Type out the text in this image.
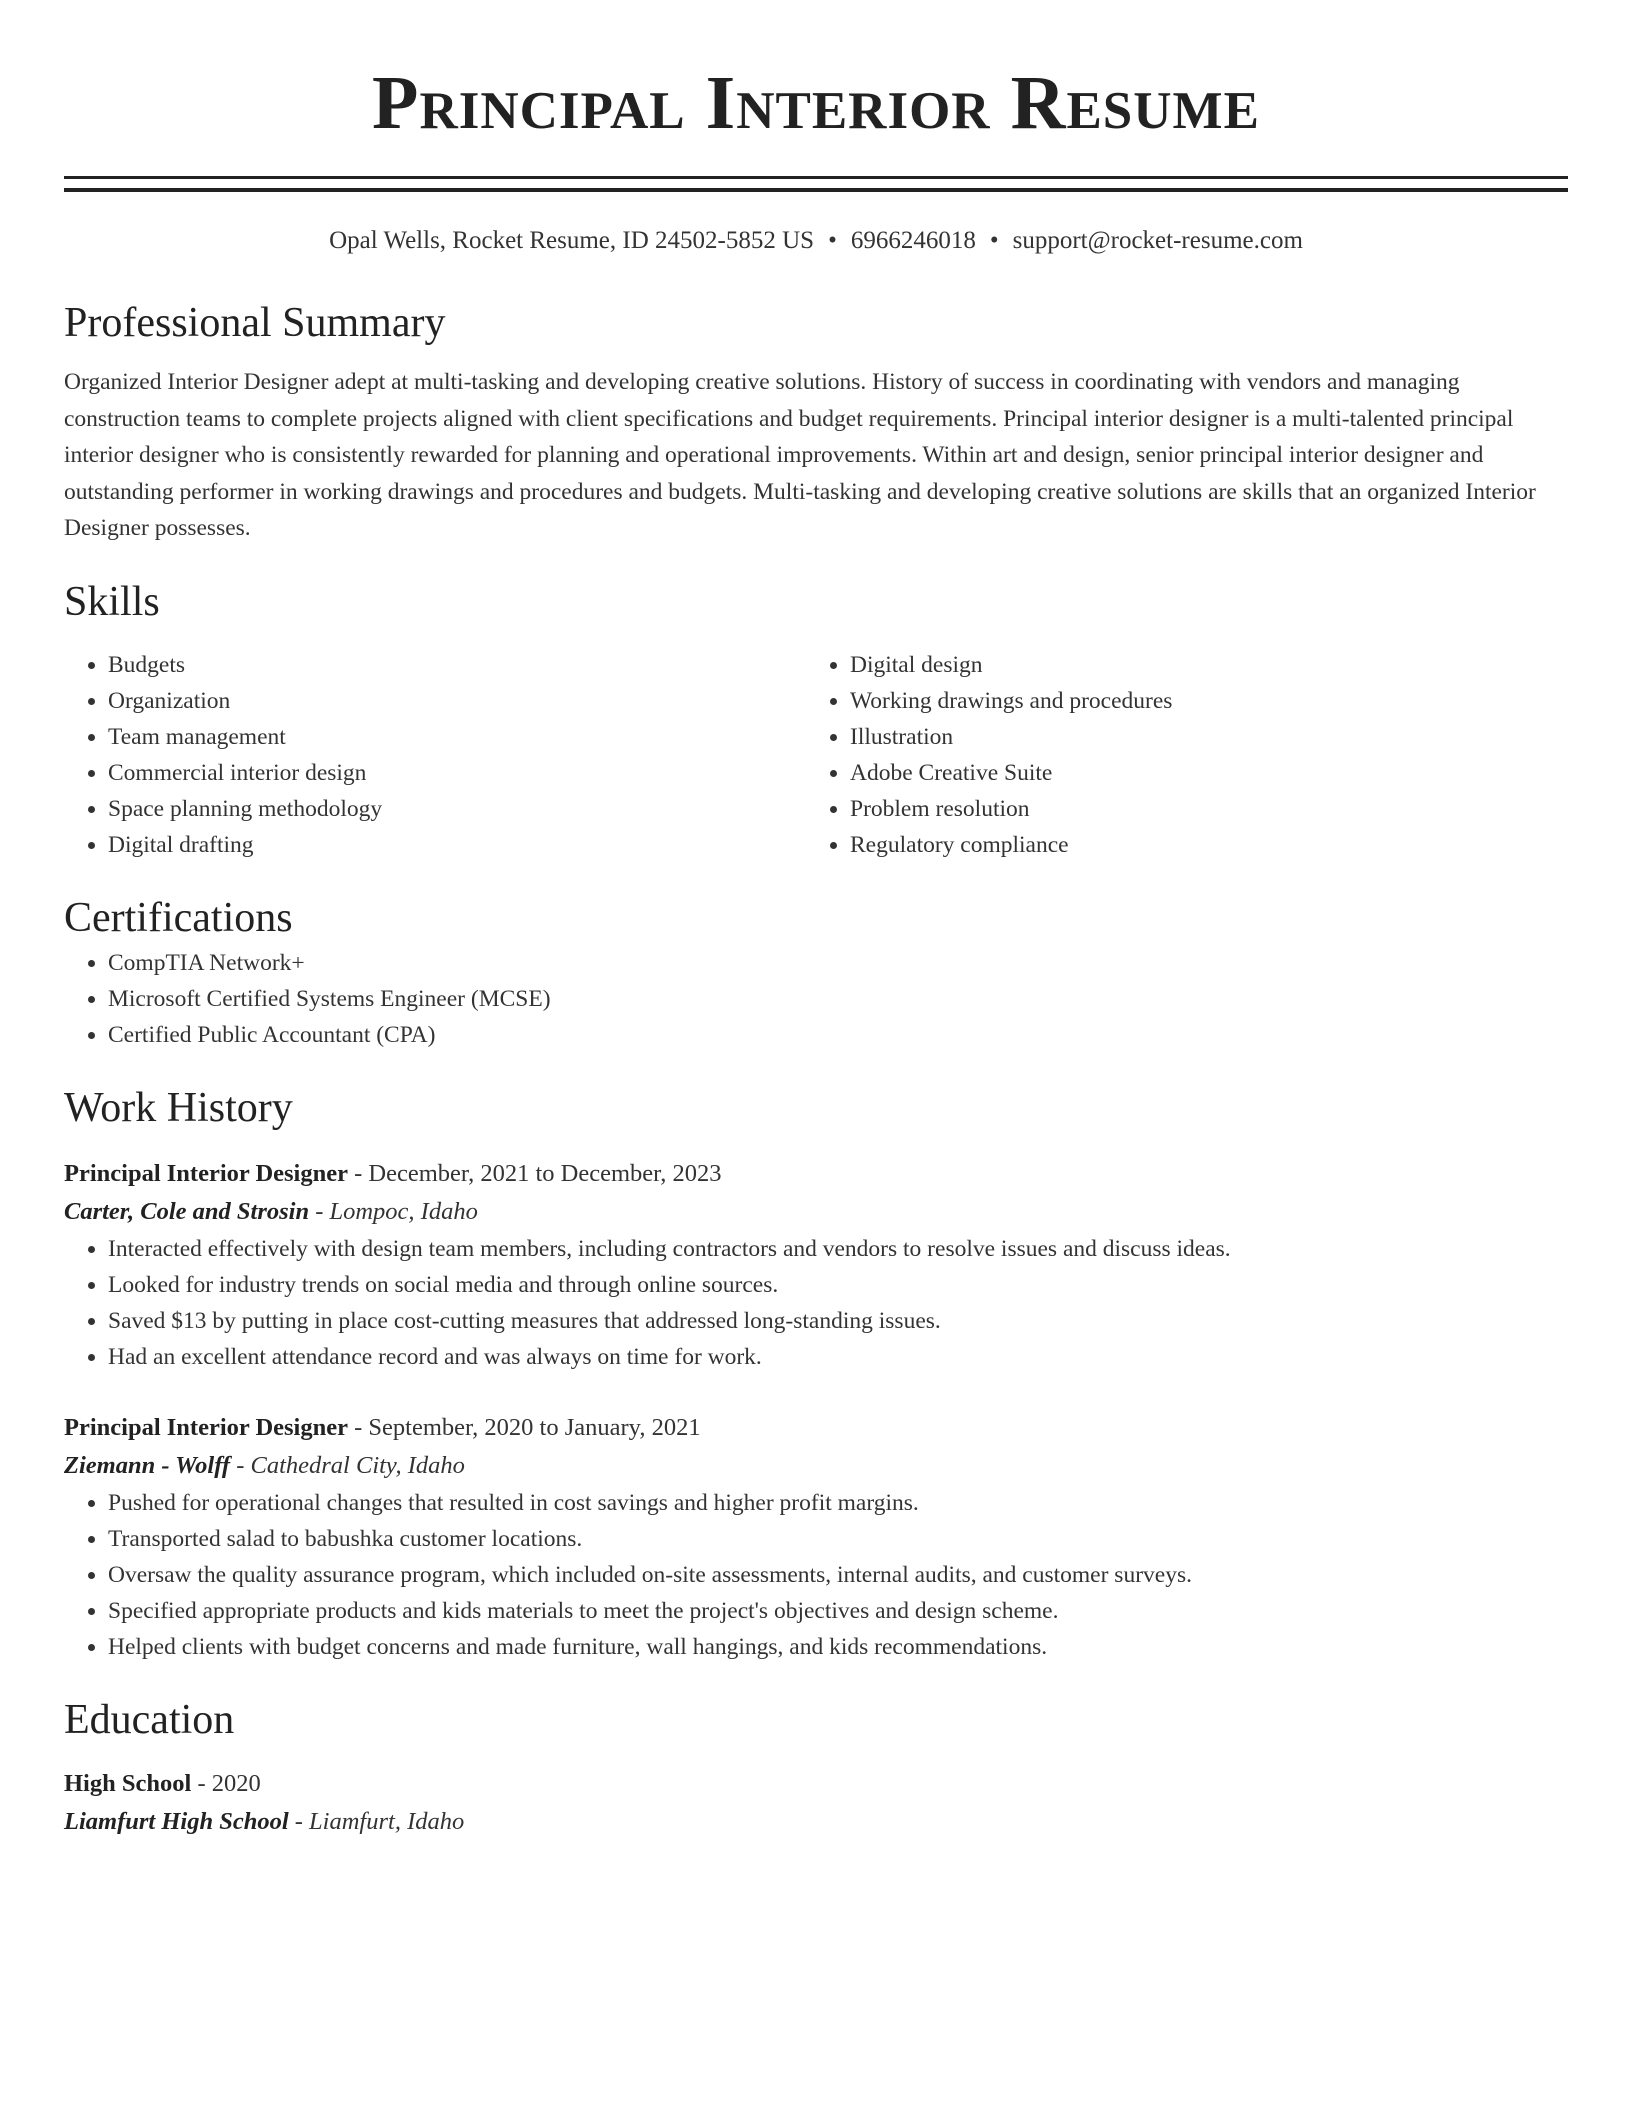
Principal Interior Resume
Opal Wells, Rocket Resume, ID 24502-5852 US • 6966246018 • support@rocket-resume.com
Professional Summary

Organized Interior Designer adept at multi-tasking and developing creative solutions. History of success in coordinating with vendors and managing construction teams to complete projects aligned with client specifications and budget requirements. Principal interior designer is a multi-talented principal interior designer who is consistently rewarded for planning and operational improvements. Within art and design, senior principal interior designer and outstanding performer in working drawings and procedures and budgets. Multi-tasking and developing creative solutions are skills that an organized Interior Designer possesses.

Skills
• Budgets
• Organization
• Team management
• Commercial interior design
• Space planning methodology
• Digital drafting
• Digital design
• Working drawings and procedures
• Illustration
• Adobe Creative Suite
• Problem resolution
• Regulatory compliance
Certifications
• CompTIA Network+
• Microsoft Certified Systems Engineer (MCSE)
• Certified Public Accountant (CPA)
Work History
Principal Interior Designer - December, 2021 to December, 2023
Carter, Cole and Strosin - Lompoc, Idaho
• Interacted effectively with design team members, including contractors and vendors to resolve issues and discuss ideas.
• Looked for industry trends on social media and through online sources.
• Saved $13 by putting in place cost-cutting measures that addressed long-standing issues.
• Had an excellent attendance record and was always on time for work.
Principal Interior Designer - September, 2020 to January, 2021
Ziemann - Wolff - Cathedral City, Idaho
• Pushed for operational changes that resulted in cost savings and higher profit margins.
• Transported salad to babushka customer locations.
• Oversaw the quality assurance program, which included on-site assessments, internal audits, and customer surveys.
• Specified appropriate products and kids materials to meet the project's objectives and design scheme.
• Helped clients with budget concerns and made furniture, wall hangings, and kids recommendations.
Education
High School - 2020
Liamfurt High School - Liamfurt, Idaho
